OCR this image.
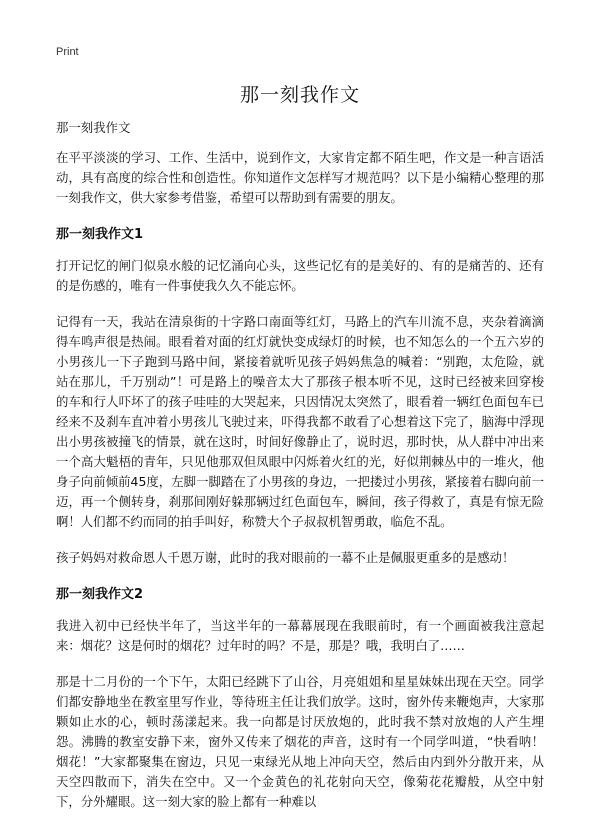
Print
那一刻我作文

那一刻我作文

在平平淡淡的学习、工作、生活中，说到作文，大家肯定都不陌生吧，作文是一种言语活动，具有高度的综合性和创造性。你知道作文怎样写才规范吗？以下是小编精心整理的那一刻我作文，供大家参考借鉴，希望可以帮助到有需要的朋友。

那一刻我作文1

打开记忆的闸门似泉水般的记忆涌向心头，这些记忆有的是美好的、有的是痛苦的、还有的是伤感的，唯有一件事使我久久不能忘怀。

记得有一天，我站在清泉街的十字路口南面等红灯，马路上的汽车川流不息，夹杂着滴滴得车鸣声很是热闹。眼看着对面的红灯就快变成绿灯的时候，也不知怎么的一个五六岁的小男孩儿一下子跑到马路中间，紧接着就听见孩子妈妈焦急的喊着：“别跑，太危险，就站在那儿，千万别动”！可是路上的噪音太大了那孩子根本听不见，这时已经被来回穿梭的车和行人吓坏了的孩子哇哇的大哭起来，只因情况太突然了，眼看着一辆红色面包车已经来不及刹车直冲着小男孩儿飞驶过来，吓得我都不敢看了心想着这下完了，脑海中浮现出小男孩被撞飞的情景，就在这时，时间好像静止了，说时迟，那时快，从人群中冲出来一个高大魁梧的青年，只见他那双但凤眼中闪烁着火红的光，好似荆棘丛中的一堆火，他身子向前倾前45度，左脚一脚踏在了小男孩的身边，一把搂过小男孩，紧接着右脚向前一迈，再一个侧转身，刹那间刚好躲那辆过红色面包车，瞬间，孩子得救了，真是有惊无险啊！人们都不约而同的拍手叫好，称赞大个子叔叔机智勇敢，临危不乱。

孩子妈妈对救命恩人千恩万谢，此时的我对眼前的一幕不止是佩服更重多的是感动！

那一刻我作文2

我进入初中已经快半年了，当这半年的一幕幕展现在我眼前时，有一个画面被我注意起来：烟花？这是何时的烟花？过年时的吗？不是，那是？哦，我明白了……

那是十二月份的一个下午，太阳已经跳下了山谷，月亮姐姐和星星妹妹出现在天空。同学们都安静地坐在教室里写作业，等待班主任让我们放学。这时，窗外传来鞭炮声，大家那颗如止水的心，顿时荡漾起来。我一向都是讨厌放炮的，此时我不禁对放炮的人产生埋怨。沸腾的教室安静下来，窗外又传来了烟花的声音，这时有一个同学叫道，“快看呐！烟花！”大家都聚集在窗边，只见一束绿光从地上冲向天空，然后由内到外分散开来，从天空四散而下，消失在空中。又一个金黄色的礼花射向天空，像菊花花瓣般，从空中射下，分外耀眼。这一刻大家的脸上都有一种难以
